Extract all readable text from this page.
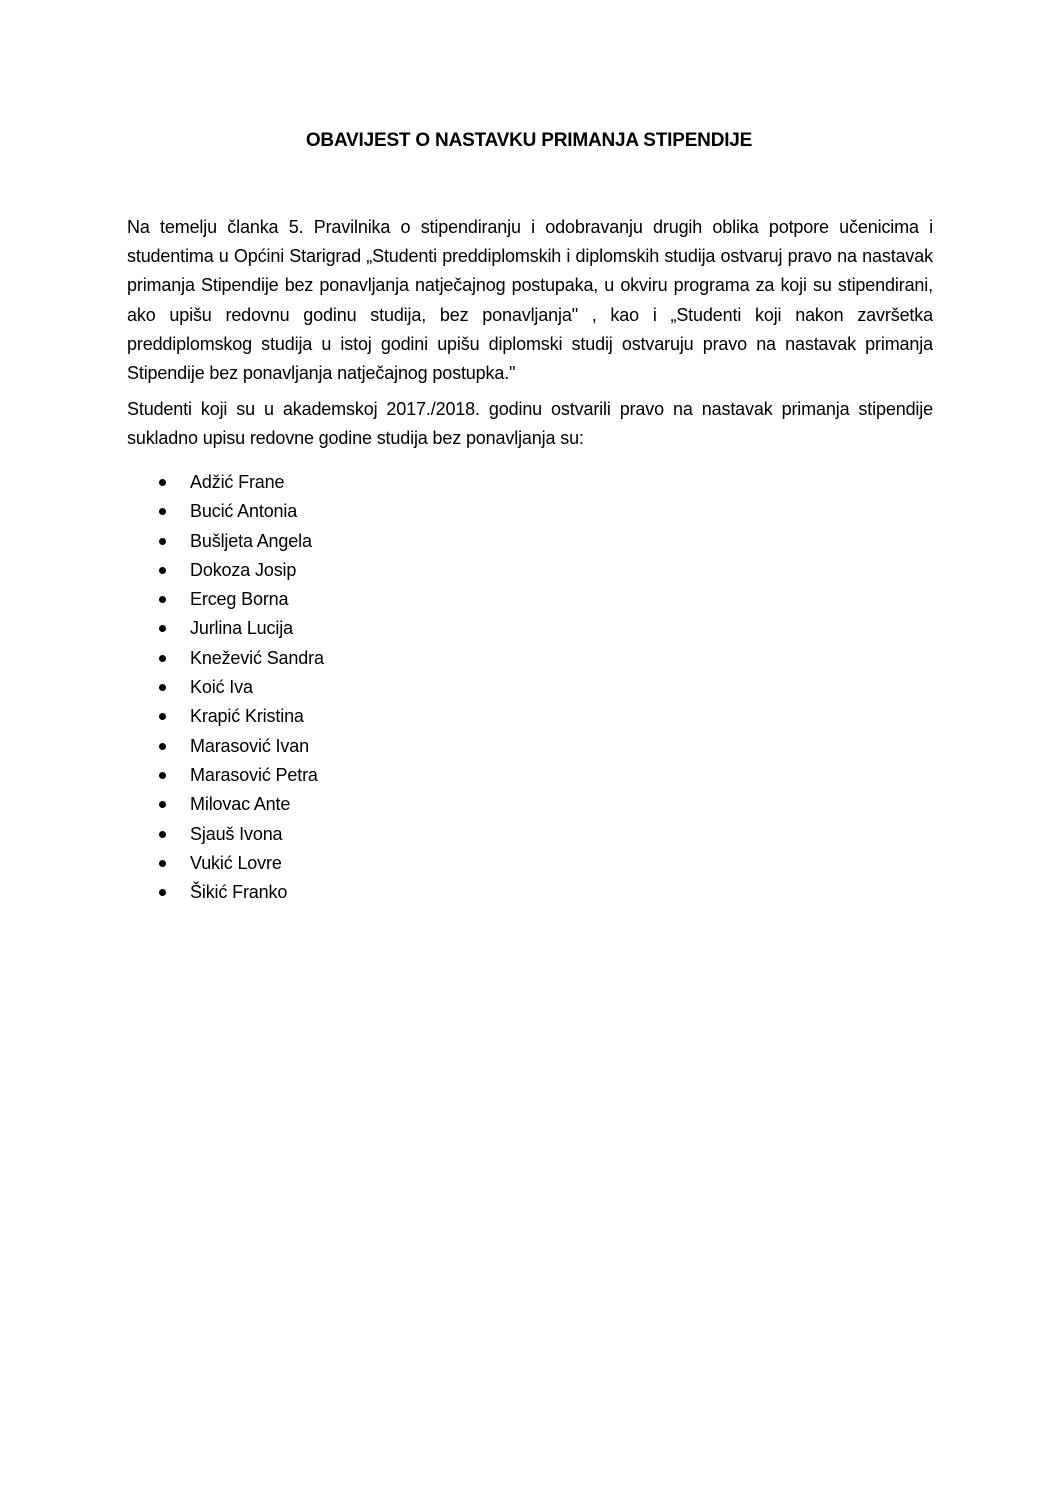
OBAVIJEST O NASTAVKU PRIMANJA STIPENDIJE

Na temelju članka 5. Pravilnika o stipendiranju i odobravanju drugih oblika potpore učenicima i studentima u Općini Starigrad „Studenti preddiplomskih i diplomskih studija ostvaruj pravo na nastavak primanja Stipendije bez ponavljanja natječajnog postupaka, u okviru programa za koji su stipendirani, ako upišu redovnu godinu studija, bez ponavljanja" , kao i „Studenti koji nakon završetka preddiplomskog studija u istoj godini upišu diplomski studij ostvaruju pravo na nastavak primanja Stipendije bez ponavljanja natječajnog postupka."

Studenti koji su u akademskoj 2017./2018. godinu ostvarili pravo na nastavak primanja stipendije sukladno upisu redovne godine studija bez ponavljanja su:

Adžić Frane
Bucić Antonia
Bušljeta Angela
Dokoza Josip
Erceg Borna
Jurlina Lucija
Knežević Sandra
Koić Iva
Krapić Kristina
Marasović Ivan
Marasović Petra
Milovac Ante
Sjauš Ivona
Vukić Lovre
Šikić Franko
